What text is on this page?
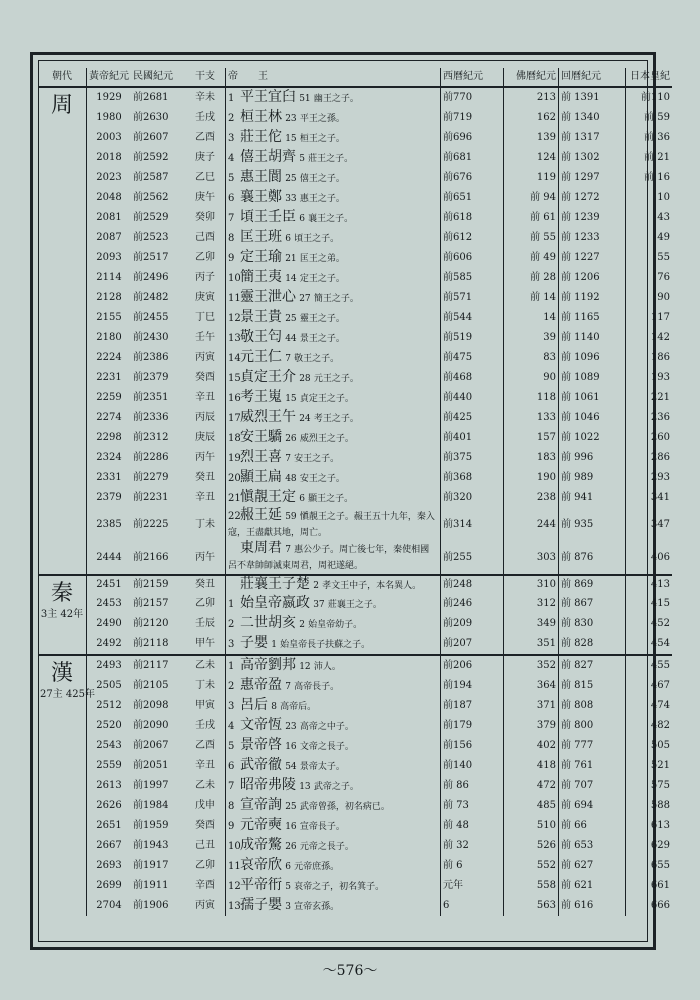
朝代	黃帝紀元	民國紀元	干支	帝　　王	西曆紀元	佛曆紀元	回曆紀元	日本皇紀

周	1929	前2681	辛未	1 平王宜臼 51 幽王之子。	前770	213	前 1391	前110
	1980	前2630	壬戌	2 桓王林 23 平王之孫。	前719	162	前 1340	前 59
	2003	前2607	乙酉	3 莊王佗 15 桓王之子。	前696	139	前 1317	前 36
	2018	前2592	庚子	4 僖王胡齊 5 莊王之子。	前681	124	前 1302	前 21
	2023	前2587	乙巳	5 惠王閬 25 僖王之子。	前676	119	前 1297	前 16
	2048	前2562	庚午	6 襄王鄭 33 惠王之子。	前651	前 94	前 1272	10
	2081	前2529	癸卯	7 頃王壬臣 6 襄王之子。	前618	前 61	前 1239	43
	2087	前2523	己酉	8 匡王班 6 頃王之子。	前612	前 55	前 1233	49
	2093	前2517	乙卯	9 定王瑜 21 匡王之弟。	前606	前 49	前 1227	55
	2114	前2496	丙子	10簡王夷 14 定王之子。	前585	前 28	前 1206	76
	2128	前2482	庚寅	11靈王泄心 27 簡王之子。	前571	前 14	前 1192	90
	2155	前2455	丁巳	12景王貴 25 靈王之子。	前544	14	前 1165	117
	2180	前2430	壬午	13敬王匄 44 景王之子。	前519	39	前 1140	142
	2224	前2386	丙寅	14元王仁 7 敬王之子。	前475	83	前 1096	186
	2231	前2379	癸酉	15貞定王介 28 元王之子。	前468	90	前 1089	193
	2259	前2351	辛丑	16考王嵬 15 貞定王之子。	前440	118	前 1061	221
	2274	前2336	丙辰	17威烈王午 24 考王之子。	前425	133	前 1046	236
	2298	前2312	庚辰	18安王驕 26 威烈王之子。	前401	157	前 1022	260
	2324	前2286	丙午	19烈王喜 7 安王之子。	前375	183	前 996	286
	2331	前2279	癸丑	20顯王扁 48 安王之子。	前368	190	前 989	293
	2379	前2231	辛丑	21愼靚王定 6 顯王之子。	前320	238	前 941	341
	2385	前2225	丁未	22赧王延 59 愼靚王之子。赧王五十九年，秦入寇，王盡獻其地，周亡。	前314	244	前 935	347
	2444	前2166	丙午	東周君 7 惠公少子。周亡後七年，秦使相國呂不韋帥師滅東周君，周祀遂絕。	前255	303	前 876	406

秦
3主 42年	2451	前2159	癸丑	莊襄王子楚 2 孝文王中子，本名異人。	前248	310	前 869	413
	2453	前2157	乙卯	1 始皇帝嬴政 37 莊襄王之子。	前246	312	前 867	415
	2490	前2120	壬辰	2 二世胡亥 2 始皇帝幼子。	前209	349	前 830	452
	2492	前2118	甲午	3 子嬰 1 始皇帝長子扶蘇之子。	前207	351	前 828	454

漢
27主 425年	2493	前2117	乙未	1 高帝劉邦 12 沛人。	前206	352	前 827	455
	2505	前2105	丁未	2 惠帝盈 7 高帝長子。	前194	364	前 815	467
	2512	前2098	甲寅	3 呂后 8 高帝后。	前187	371	前 808	474
	2520	前2090	壬戌	4 文帝恆 23 高帝之中子。	前179	379	前 800	482
	2543	前2067	乙酉	5 景帝啓 16 文帝之長子。	前156	402	前 777	505
	2559	前2051	辛丑	6 武帝徹 54 景帝太子。	前140	418	前 761	521
	2613	前1997	乙未	7 昭帝弗陵 13 武帝之子。	前 86	472	前 707	575
	2626	前1984	戊申	8 宣帝詢 25 武帝曾孫，初名病已。	前 73	485	前 694	588
	2651	前1959	癸酉	9 元帝奭 16 宣帝長子。	前 48	510	前 66	613
	2667	前1943	己丑	10成帝驁 26 元帝之長子。	前 32	526	前 653	629
	2693	前1917	乙卯	11哀帝欣 6 元帝庶孫。	前 6	552	前 627	655
	2699	前1911	辛酉	12平帝衎 5 哀帝之子，初名箕子。	元年	558	前 621	661
	2704	前1906	丙寅	13孺子嬰 3 宣帝玄孫。	6	563	前 616	666
～576～
